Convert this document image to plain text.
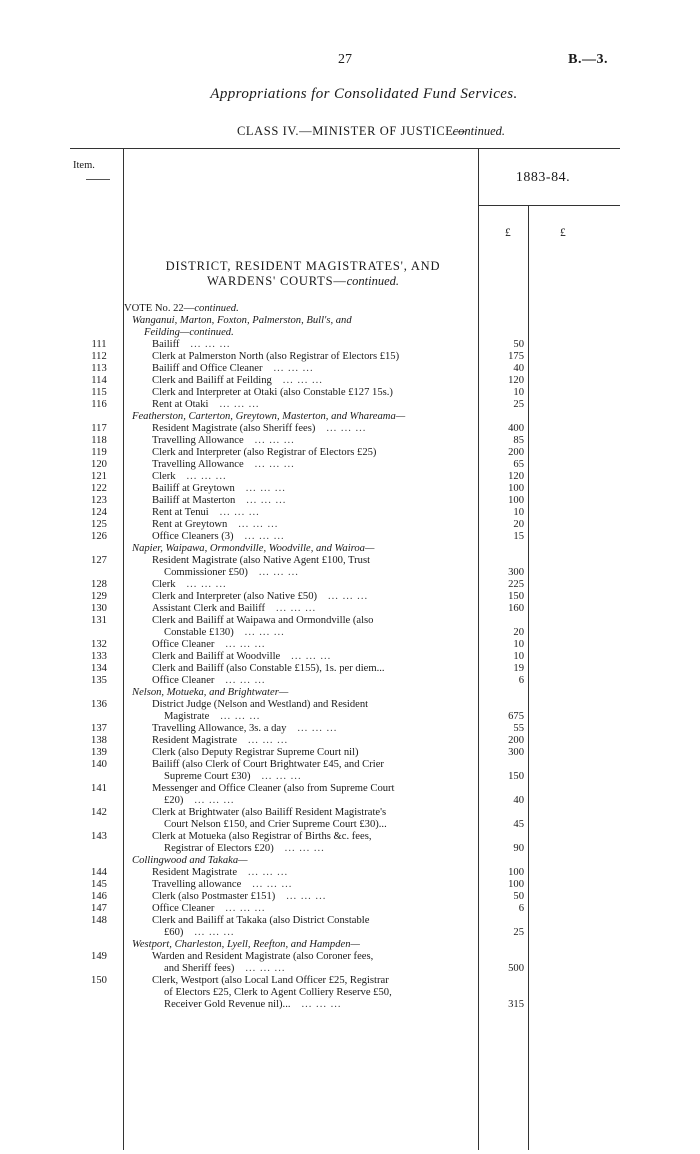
27	B.—3.
Appropriations for Consolidated Fund Services.
CLASS IV.—MINISTER OF JUSTICE—continued.
Item.
1883-84.
£	£
DISTRICT, RESIDENT MAGISTRATES', AND
WARDENS' COURTS—continued.
VOTE No. 22—continued.
Wanganui, Marton, Foxton, Palmerston, Bull's, and
Feilding—continued.
111	Bailiff   ... ... ...	50
112	Clerk at Palmerston North (also Registrar of Electors £15)	175
113	Bailiff and Office Cleaner   ... ... ...	40
114	Clerk and Bailiff at Feilding   ... ... ...	120
115	Clerk and Interpreter at Otaki (also Constable £127 15s.)	10
116	Rent at Otaki   ... ... ...	25
Featherston, Carterton, Greytown, Masterton, and Whareama—
117	Resident Magistrate (also Sheriff fees)   ... ... ...	400
118	Travelling Allowance   ... ... ...	85
119	Clerk and Interpreter (also Registrar of Electors £25)	200
120	Travelling Allowance   ... ... ...	65
121	Clerk   ... ... ...	120
122	Bailiff at Greytown   ... ... ...	100
123	Bailiff at Masterton   ... ... ...	100
124	Rent at Tenui   ... ... ...	10
125	Rent at Greytown   ... ... ...	20
126	Office Cleaners (3)   ... ... ...	15
Napier, Waipawa, Ormondville, Woodville, and Wairoa—
127	Resident Magistrate (also Native Agent £100, Trust
Commissioner £50)   ... ... ...	300
128	Clerk   ... ... ...	225
129	Clerk and Interpreter (also Native £50)   ... ... ...	150
130	Assistant Clerk and Bailiff   ... ... ...	160
131	Clerk and Bailiff at Waipawa and Ormondville (also
Constable £130)   ... ... ...	20
132	Office Cleaner   ... ... ...	10
133	Clerk and Bailiff at Woodville   ... ... ...	10
134	Clerk and Bailiff (also Constable £155), 1s. per diem...	19
135	Office Cleaner   ... ... ...	6
Nelson, Motueka, and Brightwater—
136	District Judge (Nelson and Westland) and Resident
Magistrate   ... ... ...	675
137	Travelling Allowance, 3s. a day   ... ... ...	55
138	Resident Magistrate   ... ... ...	200
139	Clerk (also Deputy Registrar Supreme Court nil)	300
140	Bailiff (also Clerk of Court Brightwater £45, and Crier
Supreme Court £30)   ... ... ...	150
141	Messenger and Office Cleaner (also from Supreme Court
£20)   ... ... ...	40
142	Clerk at Brightwater (also Bailiff Resident Magistrate's
Court Nelson £150, and Crier Supreme Court £30)...	45
143	Clerk at Motueka (also Registrar of Births &c. fees,
Registrar of Electors £20)   ... ... ...	90
Collingwood and Takaka—
144	Resident Magistrate   ... ... ...	100
145	Travelling allowance   ... ... ...	100
146	Clerk (also Postmaster £151)   ... ... ...	50
147	Office Cleaner   ... ... ...	6
148	Clerk and Bailiff at Takaka (also District Constable
£60)   ... ... ...	25
Westport, Charleston, Lyell, Reefton, and Hampden—
149	Warden and Resident Magistrate (also Coroner fees,
and Sheriff fees)   ... ... ...	500
150	Clerk, Westport (also Local Land Officer £25, Registrar
of Electors £25, Clerk to Agent Colliery Reserve £50,
Receiver Gold Revenue nil)...   ... ... ...	315
